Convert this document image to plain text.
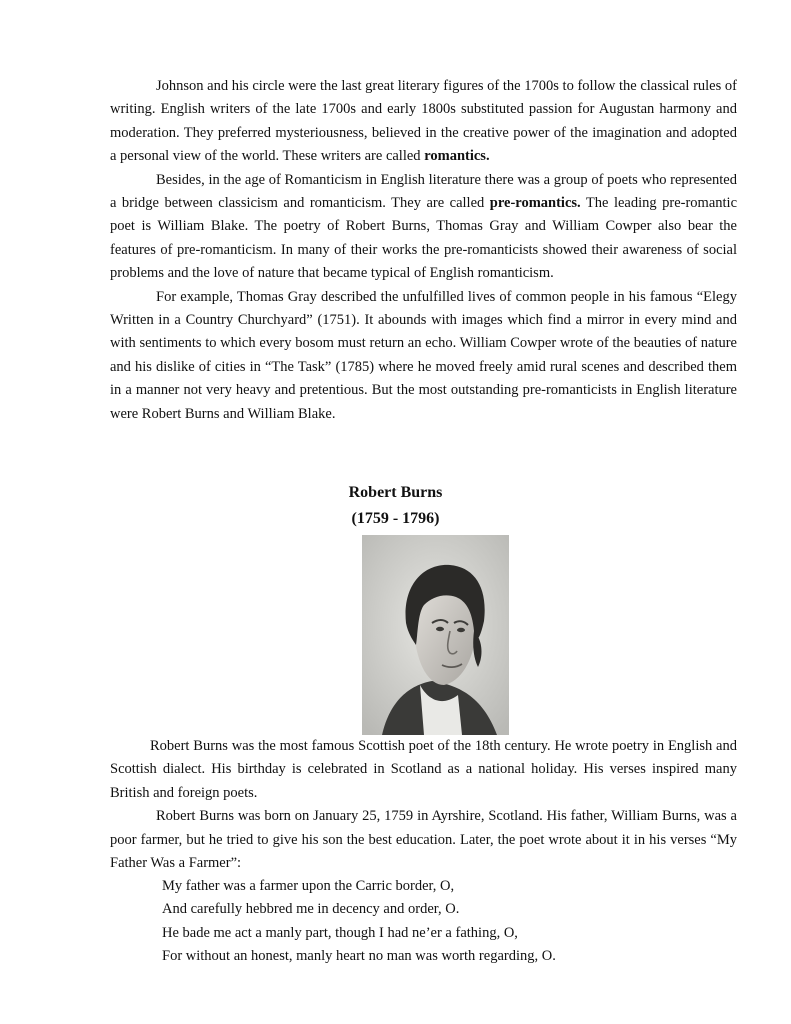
Johnson and his circle were the last great literary figures of the 1700s to follow the classical rules of writing. English writers of the late 1700s and early 1800s substituted passion for Augustan harmony and moderation. They preferred mysteriousness, believed in the creative power of the imagination and adopted a personal view of the world. These writers are called romantics.

Besides, in the age of Romanticism in English literature there was a group of poets who represented a bridge between classicism and romanticism. They are called pre-romantics. The leading pre-romantic poet is William Blake. The poetry of Robert Burns, Thomas Gray and William Cowper also bear the features of pre-romanticism. In many of their works the pre-romanticists showed their awareness of social problems and the love of nature that became typical of English romanticism.

For example, Thomas Gray described the unfulfilled lives of common people in his famous “Elegy Written in a Country Churchyard” (1751). It abounds with images which find a mirror in every mind and with sentiments to which every bosom must return an echo. William Cowper wrote of the beauties of nature and his dislike of cities in “The Task” (1785) where he moved freely amid rural scenes and described them in a manner not very heavy and pretentious. But the most outstanding pre-romanticists in English literature were Robert Burns and William Blake.

Robert Burns
(1759 - 1796)

Robert Burns was the most famous Scottish poet of the 18th century. He wrote poetry in English and Scottish dialect. His birthday is celebrated in Scotland as a national holiday. His verses inspired many British and foreign poets.

Robert Burns was born on January 25, 1759 in Ayrshire, Scotland. His father, William Burns, was a poor farmer, but he tried to give his son the best education. Later, the poet wrote about it in his verses “My Father Was a Farmer”:

My father was a farmer upon the Carric border, O,
And carefully hebbred me in decency and order, O.
He bade me act a manly part, though I had ne’er a fathing, O,
For without an honest, manly heart no man was worth regarding, O.
